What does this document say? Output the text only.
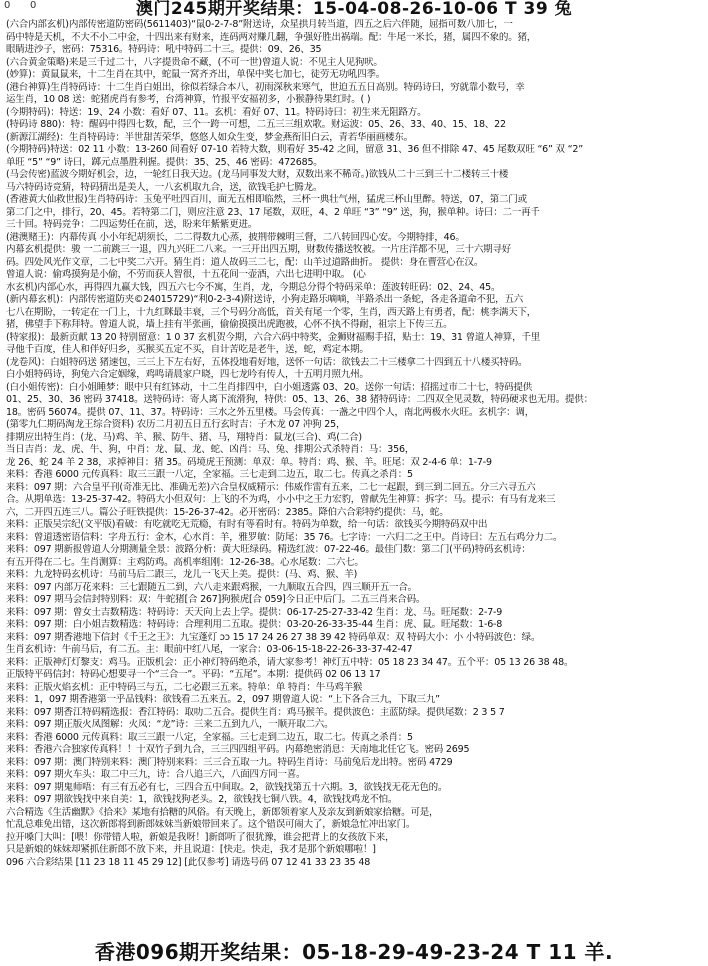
0 0	澳门245期开奖结果：15-04-08-26-10-06 T 39 兔
(六合内部玄机)内部传密道防密码(5611403)“鼠0-2-7-8”附送诗，众星拱月转当道，四五之后六伴随，屈指可数八加七，一
码中特是天机，不大不小二中金，十四出来有财来，连码两对赚几翻，争强好胜出祸端。配：牛尾一米长，猪，属四不象的。猪，
眼睛进沙子，密码：75316。特码诗：吼中特码二十三。提供：09、26、35
(六合黄金策略)来是三千过二十，八字提贵命不藏，(不可一世)曾道人说：不见主人见狗吠。
(妙算)：黄鼠鼠来，十二生肖在其中，蛇鼠一窝齐齐出，单保中奖七加七，徒劳无功吼四季。
(港台神算)生肖特码诗：十二生肖白姐出，徐似若绿合本八，初雨深秋来寒气，世迫五五日高别。特码诗曰，穷就靠小数号，幸
运生肖，10 08 送：蛇猪虎肖有参考，台湾神算，竹报平安福初多，小猴静待果红时。( )
(今期特码)：特送：19、24 小数：看好 07、11。玄机：看好 07、11。特码诗曰：初生来无阻路方。
(特码诗 880)：特：醒码中得四七数，配，三个一跨一可想，二五三三组欢歌。财运波：05、26、33、40、15、18、22
(新源江湖经)：生肖特码诗：半世甜苦荣华，悠悠人如众生变，梦金燕衔旧白云，青若华丽画楼东。
(今期特码)特送：02 11 小数：13-260 间看好 07-10 若特大数，则看好 35-42 之间，留意 31、36 但不排除 47、45 尾数双旺 “6” 双 “2”
单旺 “5” “9” 诗曰，踯元点墨胜利握。提供：35、25、46 密码：472685。
(马会传密)蓝波今期好机会，边，一轮红日我天边。(龙马同事发大财，双数出来不稀奇。)欲钱从二十三到三十二楼转三十楼
马六特码诗竞猜，特码猜出是美人，一八玄机取九合，送，欲钱毛护七腾龙。
(香港黄大仙救世报)生肖特码诗：玉兔平吐四百川，面无五相即临然，三杯一典壮气州，猛虎三杯山里醉。特送，07，第二门或
第二门之中，排行，20、45。若特第二门，则应注意 23、17 尾数，双旺，4、2 单旺 “3” “9” 送，狗，猴单种。诗曰：二一再千
三十回。特码竞争：二四运势任在前，送，盼来年紫紫更进。
(港澳赌王)：内幕传真 小小年纪胡须长，二二得数九心蒸，披荆带棘明三督，二八转回四心安。今期特排，46。
内幕玄机提供：骏 一二前跳三一退，四九兴旺二八来。一三开出四五期，财数传播送牧被。一片庄洋都不见，三十六期寻好
码。四处风光作文章，二七中奖二六开。猜生肖：道人故码三二七，配：山羊过道路曲折。 提供：身在曹营心在汉。
曾道人说：偷鸡摸狗是小偷，不劳而获人智很，十五花间一壶酒，六出七进明中取。 (心
水玄机)内部心水，再得四九赢大钱，四五六七今不寓，生肖，龙，今期总分得个特码采单：莲波转旺码：02、24、45。
(新内幕玄机)：内部传密道防夹©24015729)“利0-2-3-4)附送诗，小狗走路乐嘀嘀，半路杀出一条蛇，各走各道命不犯，五六
七八在期盼，一转定在一门上，十九红眯最丰衰，三个号码分高低，首关有尾一个零，生肖，西天路上有勇者，配：桃李满天下，
猪，佛望手下称拜特。曾道人说，墙上挂有半张画，偷偷摸摸出虎跑被，心怀不执不得耐，祖宗上下传三五。
(特家报)：最新贡献 13 20 特别留意：1 0 37 玄机贺今期，六合六码中特奖，金狮财福赐手招，贴士：19、31 曾道人神算，千里
寻他千百度，佳人和伴好归乡，买猴买五定不买，自计苦吃是老牛，送，蛇，鸡定本期。
(龙卷风)：白姐特码送 猪速包，三三上下左右好，五体投地看好地，送怀一句话：欲钱去二十三楼拿二十四到五十八楼买特码。
白小姐特码诗，狗兔六合定姻缘，鸡鸣请晨家户晓，四七龙吟有传人，十五明月照九州。
(白小姐传密)：白小姐睡梦：眼中只有红钵动，十二生肖排四中，白小姐透露 03、20。送你一句话：招摇过市二十七，特码提供
01、25、30、36 密码 37418。送特码诗：寄人离下流滑狗，特供：05、13、26、38 猪特码诗：二四双全见灵数，特码硬求也无用。提供：
18。密码 56074。提供 07、11、37。特码诗：三水之外五里楼。马会传真：一盏之中四个人，南北两极水火旺。玄机字：调，
(第零九仁期码淘龙王综合资料) 农历二月初五日五行玄时吉：子木龙 07 冲狗 25，
排期应出特生肖：(龙、马)鸡、羊、猴、防牛、猪、马，翔特肖：鼠龙(三合)、鸡(二合)
当日吉肖：龙、虎、牛、狗，中肖：龙、鼠、龙、蛇、凶肖：马、兔、排期公式杀特肖：马：356，
龙 26、蛇 24 羊 2 38，求掉神目：猪 35。码境虎王预测：单双：单。特肖：鸡、猴、羊。旺尾：双 2-4-6 单：1-7-9
来料：香港 6000 元传真料：取三三跟一八定，全家福。三七走到二边五，取二七。传真之杀肖：5
来料：097 期：六合皇平刊(奇准无比、准确无差)六合皇权威精示：伟威作雷有五来，二七一起跟，到三到二回五。分三六寻五六
合。从期单选：13-25-37-42。特码大小但双句：上飞的不为鸡，小小中之王力宏豹，曾献先生神算：拆字：马。提示：有马有龙来三
六，二开四五连三八。篇公子旺铁提供：15-26-37-42。必开密码：2385。降伯六合彩特约提供：马，蛇。
来料：正版吴宗纪(文平版)看破：有吃就吃无荒瘾，有时有等看时有。特码为单数，给一句话：欲钱买今期特码双中出
来料：曾道透密语信料：字舟五行：金木，心水肖：羊，雅罗敏：防尾：35 76。七字诗：一六归二之王中。肖诗曰：左五右鸡分力二。
来料：097 期新报曾道人分期测量全景：波路分析：黄大旺绿码。精选红波：07-22-46。最佳门数：第二门(平码)特码玄机诗：
有五开得在二七。生肖测算：主鸡防鸡。高机率组刚：12-26-38。心水尾数：二六七。
来料：九龙特码玄机诗：马前马后二跟三，龙儿一飞天上美。提供：(马、鸡、猴、羊)
来料：097 内部万花来料：三七跟随五二到，六八走来跟鸡猴，一九顺取五合四，四三顺开五一合。
来料：097 期马会信封特别料：双：牛蛇猪[合 267]狗猴虎[合 059]今日正中后门。二五三肖来合码。
来料：097 期：曾女士吉数精选：特码诗：天天向上去上学。提供：06-17-25-27-33-42 生肖：龙、马。旺尾数：2-7-9
来料：097 期：白小姐吉数精选：特码诗：合理利用二五取。提供：03-20-26-33-35-44 生肖：虎、鼠。旺尾数：1-6-8
来料：097 期香港地下信封《千王之王》：九宝蓬灯 ɔɔ 15 17 24 26 27 38 39 42 特码单双：双 特码大小：小 小特码波色：绿。
生肖玄机诗：牛前马后，有二五。主：眼前中红八尾，一家合：03-06-15-18-22-26-33-37-42-47
来料：正版神灯灯黎支：鸡马。正版机会：正小神灯特码绝杀，请大家参考！神灯五中特：05 18 23 34 47。五个平：05 13 26 38 48。
正版特平码信封：特码心想要寻一个“三合一”。平码：“五尾”。本期：提供码 02 06 13 17
来料：正版火焰玄机：正中特码三与五，二七必跟三五来。特单：单 特肖：牛马鸡羊猴
来料：1，097 期香港第一乎品钱料：欲钱看二五来五。2，097 期曾道人说：“上下各合三九，下取三九”
来料：097 期香江特码精选报：香江特码：取叻二五合。提供生肖：鸡马猴羊。提供波色：主蓝防绿。提供尾数：2 3 5 7
来料：097 期正版火凤图解：火凤：“龙”诗：三来二五到九八，一顺开取二六。
来料：香港 6000 元传真料：取三三跟一八定，全家福。三七走到二边五，取二七。传真之杀肖：5
来料：香港六合独家传真料！！十双竹子到九合，三三四四组平码。内幕绝密消息：天南地北任它飞。密码 2695
来料：097 期：澳门特别来料：澳门特别来料：三三合五取一九。特码生肖诗：马前兔后龙出特。密码 4729
来料：097 期火车头：取二中三九，诗：合八追三六，八面四方同一喜。
来料：097 期鬼师唔：有三有五必有七，三四合五中间取。2，欲钱找第五十六期。3，欲钱找无花无色的。
来料：097 期欲钱找中来自美：1，欲钱找狗老头。2，欲钱找七铜八铁。4，欲钱找鸡龙不怕。
六合精选《生活幽默》《拾来》某地有拾糖的风俗。有天晚上，新郎领着家人及亲友到新娘家拾糖。可是，
忙乱总难免出错，这次新郎将到新郎妹妹当新娘带回来了。这个错误可闹大了，新娘急忙冲出家门。
拉开嗓门大叫：[喂！你带错人啦，新娘是我呀！]新郎听了很犹豫，谁会把背上的女孩放下来，
只是新娘的妹妹却紧抓住新郎不放下来，并且说道：[快走。快走，我才是那个新娘哪啦！]
096 六合彩结果 [11 23 18 11 45 29 12] [此仅参考] 请选号码 07 12 41 33 23 35 48
香港096期开奖结果：05-18-29-49-23-24 T 11 羊.
